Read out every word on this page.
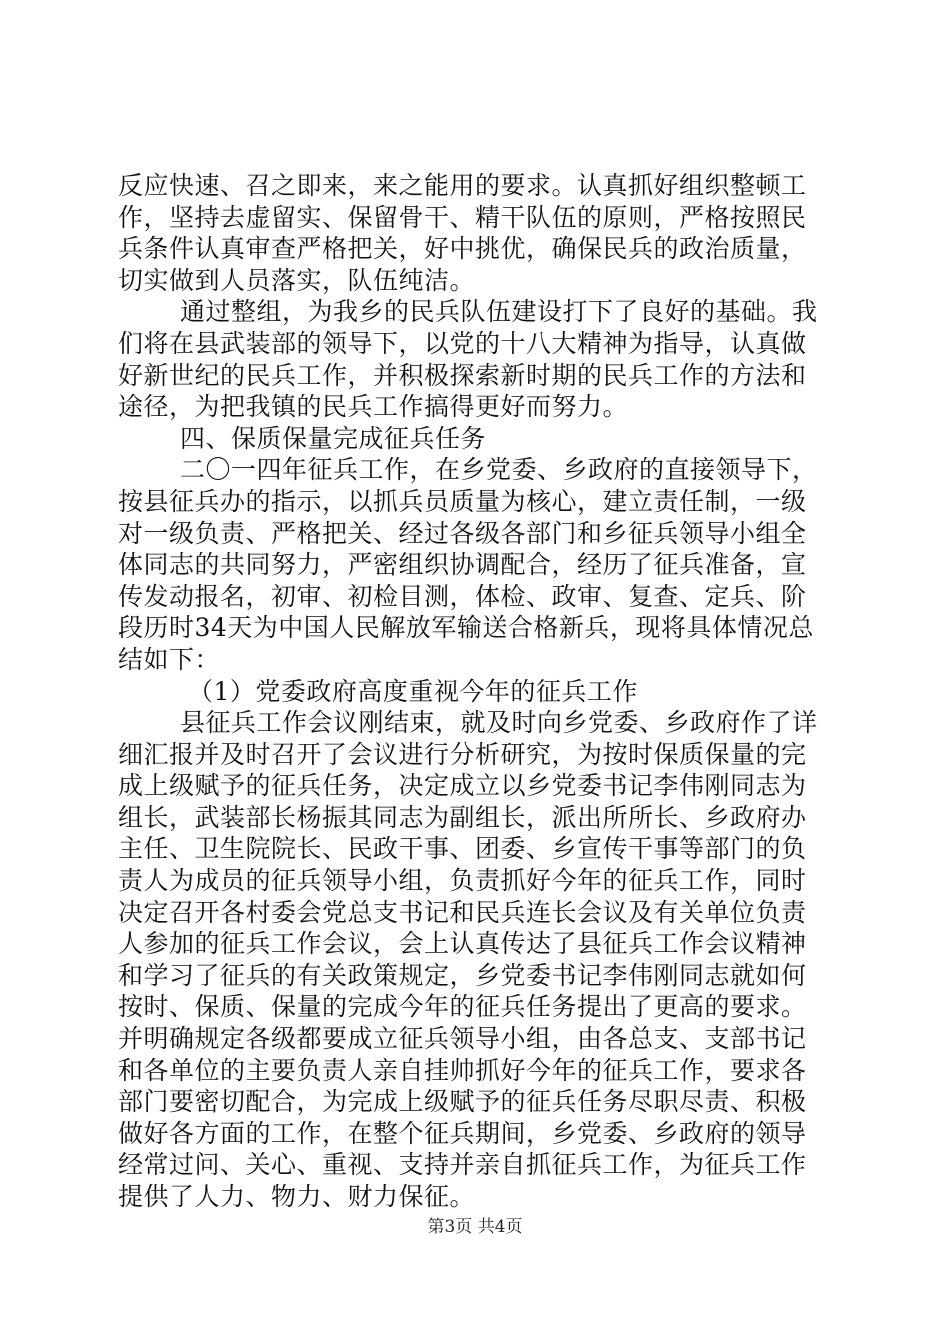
反应快速、召之即来，来之能用的要求。认真抓好组织整顿工
作，坚持去虚留实、保留骨干、精干队伍的原则，严格按照民
兵条件认真审查严格把关，好中挑优，确保民兵的政治质量，
切实做到人员落实，队伍纯洁。
通过整组，为我乡的民兵队伍建设打下了良好的基础。我
们将在县武装部的领导下，以党的十八大精神为指导，认真做
好新世纪的民兵工作，并积极探索新时期的民兵工作的方法和
途径，为把我镇的民兵工作搞得更好而努力。
四、保质保量完成征兵任务
二〇一四年征兵工作，在乡党委、乡政府的直接领导下，
按县征兵办的指示，以抓兵员质量为核心，建立责任制，一级
对一级负责、严格把关、经过各级各部门和乡征兵领导小组全
体同志的共同努力，严密组织协调配合，经历了征兵准备，宣
传发动报名，初审、初检目测，体检、政审、复查、定兵、阶
段历时34天为中国人民解放军输送合格新兵，现将具体情况总
结如下：
（1）党委政府高度重视今年的征兵工作
县征兵工作会议刚结束，就及时向乡党委、乡政府作了详
细汇报并及时召开了会议进行分析研究，为按时保质保量的完
成上级赋予的征兵任务，决定成立以乡党委书记李伟刚同志为
组长，武装部长杨振其同志为副组长，派出所所长、乡政府办
主任、卫生院院长、民政干事、团委、乡宣传干事等部门的负
责人为成员的征兵领导小组，负责抓好今年的征兵工作，同时
决定召开各村委会党总支书记和民兵连长会议及有关单位负责
人参加的征兵工作会议，会上认真传达了县征兵工作会议精神
和学习了征兵的有关政策规定，乡党委书记李伟刚同志就如何
按时、保质、保量的完成今年的征兵任务提出了更高的要求。
并明确规定各级都要成立征兵领导小组，由各总支、支部书记
和各单位的主要负责人亲自挂帅抓好今年的征兵工作，要求各
部门要密切配合，为完成上级赋予的征兵任务尽职尽责、积极
做好各方面的工作，在整个征兵期间，乡党委、乡政府的领导
经常过问、关心、重视、支持并亲自抓征兵工作，为征兵工作
提供了人力、物力、财力保征。
第3页 共4页
